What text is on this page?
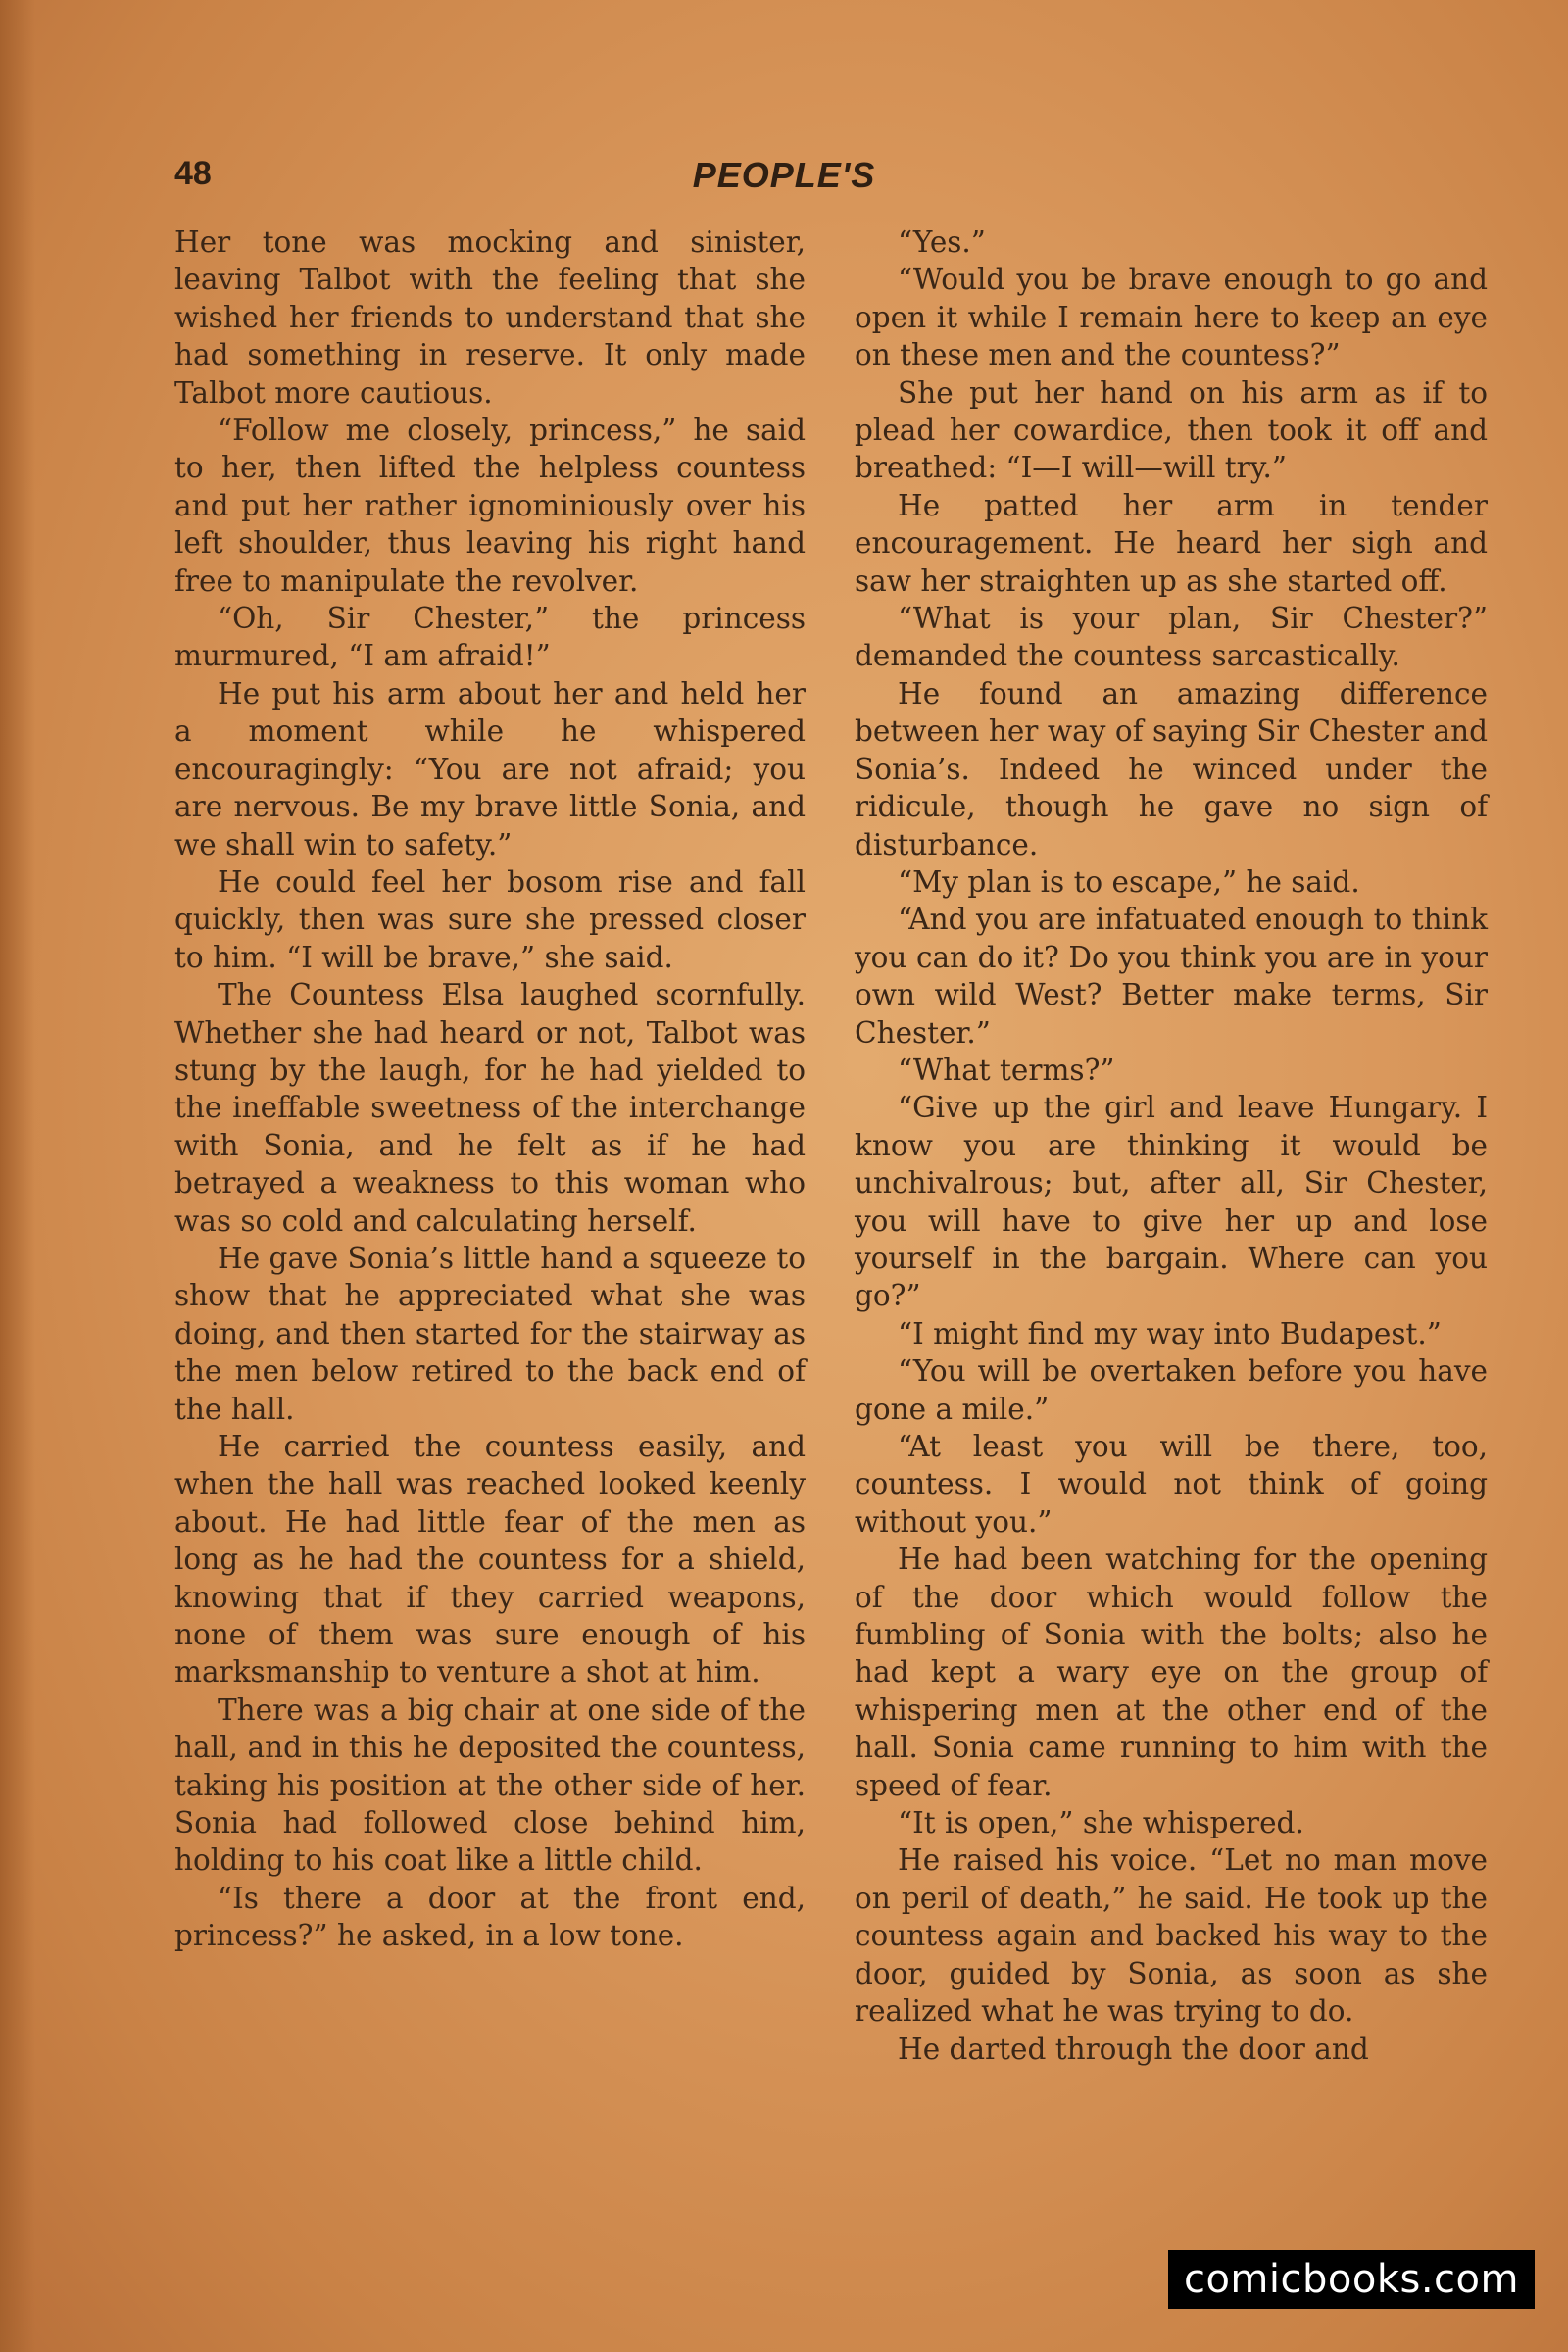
48	PEOPLE'S

Her tone was mocking and sinister, leaving Talbot with the feeling that she wished her friends to understand that she had something in reserve. It only made Talbot more cautious.

“Follow me closely, princess,” he said to her, then lifted the helpless countess and put her rather ignominiously over his left shoulder, thus leaving his right hand free to manipulate the revolver.

“Oh, Sir Chester,” the princess murmured, “I am afraid!”

He put his arm about her and held her a moment while he whispered encouragingly: “You are not afraid; you are nervous. Be my brave little Sonia, and we shall win to safety.”

He could feel her bosom rise and fall quickly, then was sure she pressed closer to him. “I will be brave,” she said.

The Countess Elsa laughed scornfully. Whether she had heard or not, Talbot was stung by the laugh, for he had yielded to the ineffable sweetness of the interchange with Sonia, and he felt as if he had betrayed a weakness to this woman who was so cold and calculating herself.

He gave Sonia’s little hand a squeeze to show that he appreciated what she was doing, and then started for the stairway as the men below retired to the back end of the hall.

He carried the countess easily, and when the hall was reached looked keenly about. He had little fear of the men as long as he had the countess for a shield, knowing that if they carried weapons, none of them was sure enough of his marksmanship to venture a shot at him.

There was a big chair at one side of the hall, and in this he deposited the countess, taking his position at the other side of her. Sonia had followed close behind him, holding to his coat like a little child.

“Is there a door at the front end, princess?” he asked, in a low tone.

“Yes.”

“Would you be brave enough to go and open it while I remain here to keep an eye on these men and the countess?”

She put her hand on his arm as if to plead her cowardice, then took it off and breathed: “I—I will—will try.”

He patted her arm in tender encouragement. He heard her sigh and saw her straighten up as she started off.

“What is your plan, Sir Chester?” demanded the countess sarcastically.

He found an amazing difference between her way of saying Sir Chester and Sonia’s. Indeed he winced under the ridicule, though he gave no sign of disturbance.

“My plan is to escape,” he said.

“And you are infatuated enough to think you can do it? Do you think you are in your own wild West? Better make terms, Sir Chester.”

“What terms?”

“Give up the girl and leave Hungary. I know you are thinking it would be unchivalrous; but, after all, Sir Chester, you will have to give her up and lose yourself in the bargain. Where can you go?”

“I might find my way into Budapest.”

“You will be overtaken before you have gone a mile.”

“At least you will be there, too, countess. I would not think of going without you.”

He had been watching for the opening of the door which would follow the fumbling of Sonia with the bolts; also he had kept a wary eye on the group of whispering men at the other end of the hall. Sonia came running to him with the speed of fear.

“It is open,” she whispered.

He raised his voice. “Let no man move on peril of death,” he said. He took up the countess again and backed his way to the door, guided by Sonia, as soon as she realized what he was trying to do.

He darted through the door and

comicbooks.com
